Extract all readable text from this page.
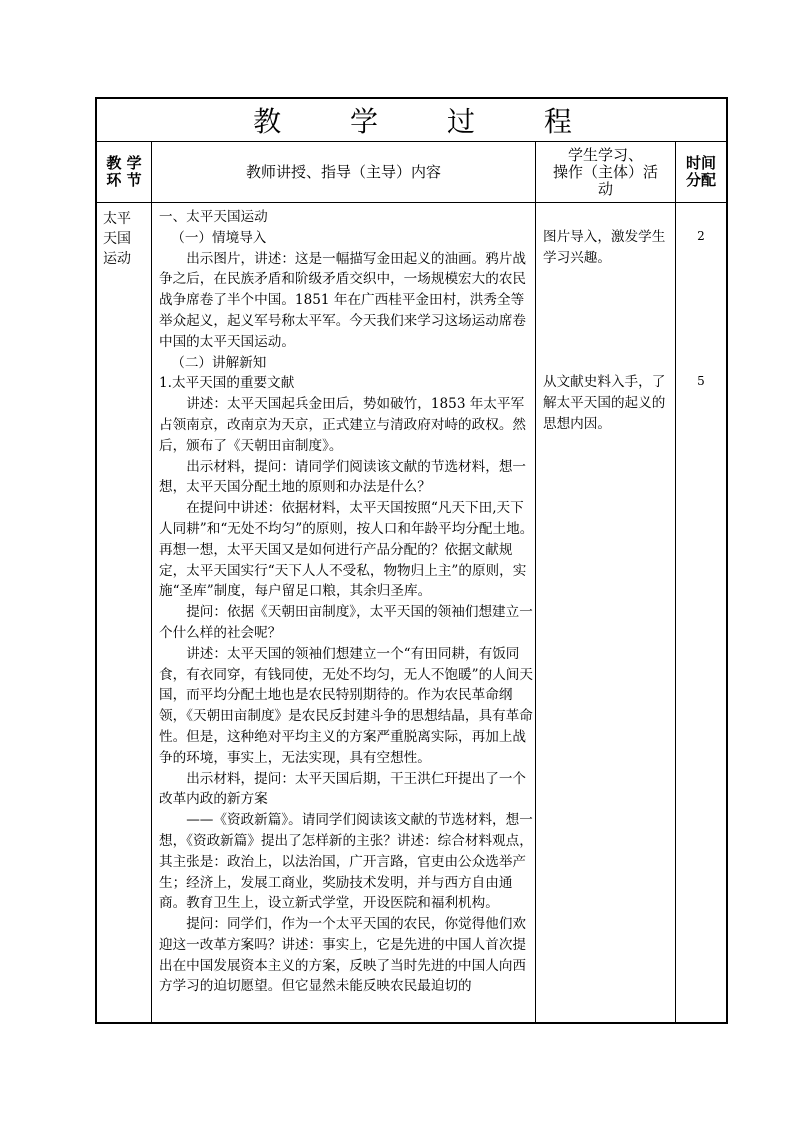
教 学 过 程
教 学
环 节	教师讲授、指导（主导）内容
学生学习、
操作（主体）活
动
时间
分配
太平
天国
运动

一、太平天国运动

（一）情境导入

出示图片，讲述：这是一幅描写金田起义的油画。鸦片战争之后，在民族矛盾和阶级矛盾交织中，一场规模宏大的农民战争席卷了半个中国。1851 年在广西桂平金田村，洪秀全等举众起义，起义军号称太平军。今天我们来学习这场运动席卷中国的太平天国运动。

（二）讲解新知

1.太平天国的重要文献

讲述：太平天国起兵金田后，势如破竹，1853 年太平军占领南京，改南京为天京，正式建立与清政府对峙的政权。然后，颁布了《天朝田亩制度》。

出示材料，提问：请同学们阅读该文献的节选材料，想一想，太平天国分配土地的原则和办法是什么？

在提问中讲述：依据材料，太平天国按照“凡天下田,天下人同耕”和“无处不均匀”的原则，按人口和年龄平均分配土地。再想一想，太平天国又是如何进行产品分配的？依据文献规定，太平天国实行“天下人人不受私，物物归上主”的原则，实施“圣库”制度，每户留足口粮，其余归圣库。

提问：依据《天朝田亩制度》，太平天国的领袖们想建立一个什么样的社会呢？

讲述：太平天国的领袖们想建立一个“有田同耕，有饭同食，有衣同穿，有钱同使，无处不均匀，无人不饱暖”的人间天国，而平均分配土地也是农民特别期待的。作为农民革命纲领，《天朝田亩制度》是农民反封建斗争的思想结晶，具有革命性。但是，这种绝对平均主义的方案严重脱离实际，再加上战争的环境，事实上，无法实现，具有空想性。

出示材料，提问：太平天国后期，干王洪仁玕提出了一个改革内政的新方案

——《资政新篇》。请同学们阅读该文献的节选材料，想一想，《资政新篇》提出了怎样新的主张？讲述：综合材料观点，其主张是：政治上，以法治国，广开言路，官吏由公众选举产生；经济上，发展工商业，奖励技术发明，并与西方自由通商。教育卫生上，设立新式学堂，开设医院和福利机构。

提问：同学们，作为一个太平天国的农民，你觉得他们欢迎这一改革方案吗？讲述：事实上，它是先进的中国人首次提出在中国发展资本主义的方案，反映了当时先进的中国人向西方学习的迫切愿望。但它显然未能反映农民最迫切的

图片导入，激发学生学习兴趣。
从文献史料入手，了解太平天国的起义的思想内因。
2
5
